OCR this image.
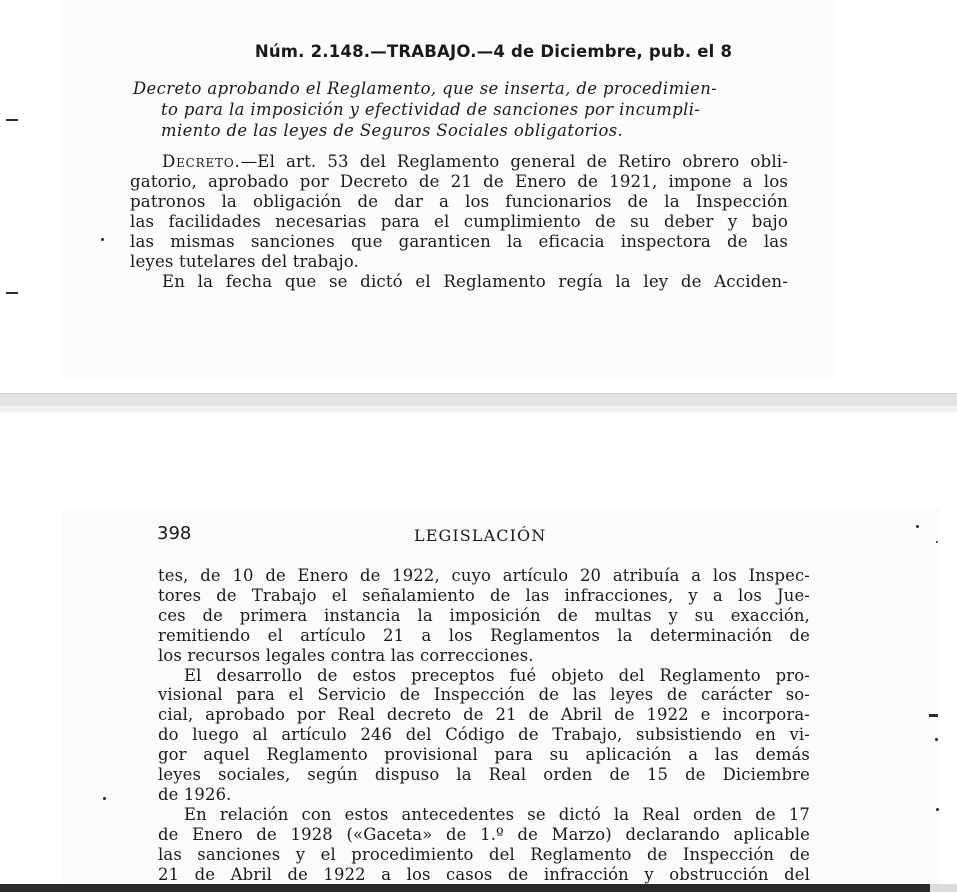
Núm. 2.148.—TRABAJO.—4 de Diciembre, pub. el 8
Decreto aprobando el Reglamento, que se inserta, de procedimien-
to para la imposición y efectividad de sanciones por incumpli-
miento de las leyes de Seguros Sociales obligatorios.
Decreto.—El art. 53 del Reglamento general de Retiro obrero obli-
gatorio, aprobado por Decreto de 21 de Enero de 1921, impone a los
patronos la obligación de dar a los funcionarios de la Inspección
las facilidades necesarias para el cumplimiento de su deber y bajo
las mismas sanciones que garanticen la eficacia inspectora de las
leyes tutelares del trabajo.
En la fecha que se dictó el Reglamento regía la ley de Acciden-
398	LEGISLACIÓN
tes, de 10 de Enero de 1922, cuyo artículo 20 atribuía a los Inspec-
tores de Trabajo el señalamiento de las infracciones, y a los Jue-
ces de primera instancia la imposición de multas y su exacción,
remitiendo el artículo 21 a los Reglamentos la determinación de
los recursos legales contra las correcciones.
El desarrollo de estos preceptos fué objeto del Reglamento pro-
visional para el Servicio de Inspección de las leyes de carácter so-
cial, aprobado por Real decreto de 21 de Abril de 1922 e incorpora-
do luego al artículo 246 del Código de Trabajo, subsistiendo en vi-
gor aquel Reglamento provisional para su aplicación a las demás
leyes sociales, según dispuso la Real orden de 15 de Diciembre
de 1926.
En relación con estos antecedentes se dictó la Real orden de 17
de Enero de 1928 («Gaceta» de 1.º de Marzo) declarando aplicable
las sanciones y el procedimiento del Reglamento de Inspección de
21 de Abril de 1922 a los casos de infracción y obstrucción del
